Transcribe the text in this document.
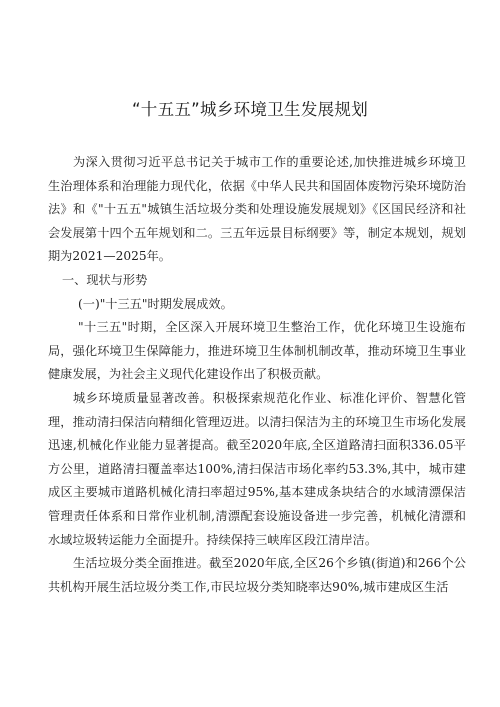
“十五五”城乡环境卫生发展规划

为深入贯彻习近平总书记关于城市工作的重要论述,加快推进城乡环境卫生治理体系和治理能力现代化，依据《中华人民共和国固体废物污染环境防治法》和《"十五五"城镇生活垃圾分类和处理设施发展规划》《区国民经济和社会发展第十四个五年规划和二。三五年远景目标纲要》等，制定本规划，规划期为2021—2025年。

一、现状与形势

(一)"十三五"时期发展成效。

"十三五"时期，全区深入开展环境卫生整治工作，优化环境卫生设施布局，强化环境卫生保障能力，推进环境卫生体制机制改革，推动环境卫生事业健康发展，为社会主义现代化建设作出了积极贡献。

城乡环境质量显著改善。积极探索规范化作业、标准化评价、智慧化管理，推动清扫保洁向精细化管理迈进。以清扫保洁为主的环境卫生市场化发展迅速,机械化作业能力显著提高。截至2020年底,全区道路清扫面积336.05平方公里，道路清扫覆盖率达100%,清扫保洁市场化率约53.3%,其中，城市建成区主要城市道路机械化清扫率超过95%,基本建成条块结合的水域清漂保洁管理责任体系和日常作业机制,清漂配套设施设备进一步完善，机械化清漂和水域垃圾转运能力全面提升。持续保持三峡库区段江清岸洁。

生活垃圾分类全面推进。截至2020年底,全区26个乡镇(街道)和266个公共机构开展生活垃圾分类工作,市民垃圾分类知晓率达90%,城市建成区生活
